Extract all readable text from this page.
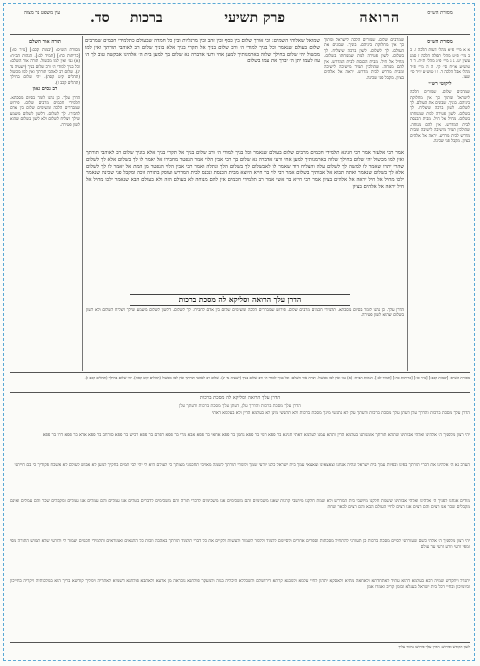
מסורת הש״ס
הרואה
פרק תשיעי
ברכות
סד.
עין משפט נר מצוה
מסורת הש״ס
א א מיי׳ פ״א מהל׳ דעות הלכה ו. ב ב מיי׳ פ״ט מהל׳ תפלה הלכה ז סמג עשין יט. ג ג מיי׳ פ״ג מהל׳ ת״ת. ד ד טוש״ע או״ח סי׳ קי. ה ה מיי׳ פ״ד מהל׳ אבל הלכה ד. ו ו טוש״ע יו״ד סי׳ שעו.
ליקוטי רש״י
שמרבים שלום. שמורים הלכה לישראל ומתוך כך אין מחלוקת ביניהם. בוניך. שבונים את העולם. לך לשלום. לשון ברכה שיצליח. לך בשלום. לשון פטירה למת שמנוחתו בשלום. מחיל אל חיל. מבית הכנסת לבית המדרש. אין להם מנוחה. שהולכין תמיד מישיבה לישיבה ומבית מדרש לבית מדרש. יראה אל אלהים בציון. מקבל פני שכינה.
תורה אור השלם
מסורת הש״ס: [יבמות קכב:] [נזיר סו:] [כריתות כח:] [תמיד לב:]. הגהות הב״ח: (א) גמ׳ ואין למו מכשול. תורה אור השלם: וכל בניך למודי ה׳ ורב שלום בניך (ישעיה נד יג). שלום רב לאהבי תורתך ואין למו מכשול (תהלים קיט קסה). יהי שלום בחילך (תהלים קכב ז).
רב נסים גאון
הדרן עלך. כן נהגו לומר בסיום מסכתא. תלמידי חכמים מרבים שלום. פירוש שמבררים הלכה ומשימים שלום בין אדם לחבירו. לך לשלום. דלשון לשלום משמע שילך ויצליח לשלום ולא לשון בשלום שהוא לשון פטירה.
שמרבים שלום. שמורים הלכה לישראל ומתוך כך אין מחלוקת ביניהם. בוניך. שבונים את העולם. לך לשלום. לשון ברכה שיצליח. לך בשלום. לשון פטירה למת שמנוחתו בשלום. מחיל אל חיל. מבית הכנסת לבית המדרש. אין להם מנוחה. שהולכין תמיד מישיבה לישיבה ומבית מדרש לבית מדרש. יראה אל אלהים בציון. מקבל פני שכינה.
שמואל שאלוהי השמים: וכי אורך שלום בין כסף ובין זהב ובין מרגליות ובין כל חמדה שבעולם כתלמידי חכמים שמרבים שלום בעולם שנאמר וכל בניך למודי ה׳ ורב שלום בניך אל תקרי בניך אלא בוניך שלום רב לאוהבי תורתך ואין למו מכשול יהי שלום בחילך שלוה בארמנותיך למען אחי ורעי אדברה נא שלום בך למען בית ה׳ אלהינו אבקשה טוב לך ה׳ עוז לעמו יתן ה׳ יברך את עמו בשלום
אמר רבי אלעזר אמר רבי חנינא תלמידי חכמים מרבים שלום בעולם שנאמר וכל בניך למודי ה׳ ורב שלום בניך אל תקרי בניך אלא בוניך שלום רב לאוהבי תורתך ואין למו מכשול יהי שלום בחילך שלוה בארמנותיך למען אחי ורעי אדברה נא שלום בך רבי אבין הלוי אמר הנפטר מחבירו אל יאמר לו לך בשלום אלא לך לשלום שהרי יתרו שאמר לו למשה לך לשלום עלה והצליח דוד שאמר לו לאבשלום לך בשלום הלך ונתלה ואמר רבי אבין הלוי הנפטר מן המת אל יאמר לו לך לשלום אלא לך בשלום שנאמר ואתה תבוא אל אבותיך בשלום אמר רבי לוי בר חייא היוצא מבית הכנסת ונכנס לבית המדרש ועוסק בתורה זוכה ומקבל פני שכינה שנאמר ילכו מחיל אל חיל יראה אל אלהים בציון אמר רבי חייא בר אשי אמר רב תלמידי חכמים אין להם מנוחה לא בעולם הזה ולא בעולם הבא שנאמר ילכו מחיל אל חיל יראה אל אלהים בציון
הדרן עלך הרואה וסליקא לה מסכת ברכות
הדרן עלך. כן נהגו לומר בסיום מסכתא. תלמידי חכמים מרבים שלום. פירוש שמבררים הלכה ומשימים שלום בין אדם לחבירו. לך לשלום. דלשון לשלום משמע שילך ויצליח לשלום ולא לשון בשלום שהוא לשון פטירה.
מסורת הש״ס: [יבמות קכב:] [נזיר סו:] [כריתות כח:] [תמיד לב:]. הגהות הב״ח: (א) גמ׳ ואין למו מכשול. תורה אור השלם: וכל בניך למודי ה׳ ורב שלום בניך (ישעיה נד יג). שלום רב לאהבי תורתך ואין למו מכשול (תהלים קיט קסה). יהי שלום בחילך (תהלים קכב ז).
הדרן עלך הרואה וסליקא לה מסכת ברכות
הדרן עלך מסכת ברכות והדרך עלן, דעתן עלך מסכת ברכות ודעתך עלן
הדרן עלך מסכת ברכות והדרך עלן דעתן עלך מסכת ברכות ודעתך עלן לא נתנשי מינך מסכת ברכות ולא תתנשי מינן לא בעלמא הדין ולא בעלמא דאתי
יהי רצון מלפניך ה׳ אלהינו ואלהי אבותינו שתהא תורתך אומנותנו בעלמא הדין ותהא עמנו לעלמא דאתי חנינא בר פפא רמי בר פפא נחמן בר פפא אחאי בר פפא אבא מרי בר פפא רפרם בר פפא רכיש בר פפא סורחב בר פפא אדא בר פפא דרו בר פפא
הערב נא ה׳ אלהינו את דברי תורתך בפינו ובפיות עמך בית ישראל ונהיה אנחנו וצאצאינו וצאצאי עמך בית ישראל כלנו יודעי שמך ולומדי תורתך לשמה מאויבי תחכמני מצותך כי לעולם היא לי יהי לבי תמים בחקיך למען לא אבוש לעולם לא אשכח פקודיך כי בם חייתני
מודים אנחנו לפניך ה׳ אלהינו ואלהי אבותינו ששמת חלקנו מיושבי בית המדרש ולא שמת חלקנו מיושבי קרנות שאנו משכימים והם משכימים אנו משכימים לדברי תורה והם משכימים לדברים בטלים אנו עמלים והם עמלים אנו עמלים ומקבלים שכר והם עמלים ואינם מקבלים שכר אנו רצים והם רצים אנו רצים לחיי העולם הבא והם רצים לבאר שחת
יהי רצון מלפניך ה׳ אלהי כשם שעזרתני לסיים מסכת ברכות כן תעזרני להתחיל מסכתות וספרים אחרים ולסיימם ללמוד וללמד לשמור ולעשות ולקיים את כל דברי תלמוד תורתך באהבה וזכות כל התנאים ואמוראים ותלמידי חכמים יעמוד לי ולזרעי שלא תמוש התורה מפי ומפי זרעי וזרע זרעי עד עולם
יתגדל ויתקדש שמיה רבא בעלמא דהוא עתיד לאתחדתא ולאחאה מתיא ולאסקא יתהון לחיי עלמא ולמבנא קרתא דירושלם ולשכללא היכליה בגוה ולמעקר פולחנא נוכראה מן ארעא ולאתבא פולחנא דשמיא לאתריה וימליך קודשא בריך הוא במלכותיה ויקריה בחייכון וביומיכון ובחיי דכל בית ישראל בעגלא ובזמן קריב ואמרו אמן
לשון הקודש ופירוש: הדרן עלך פירושו נחזור עליך
